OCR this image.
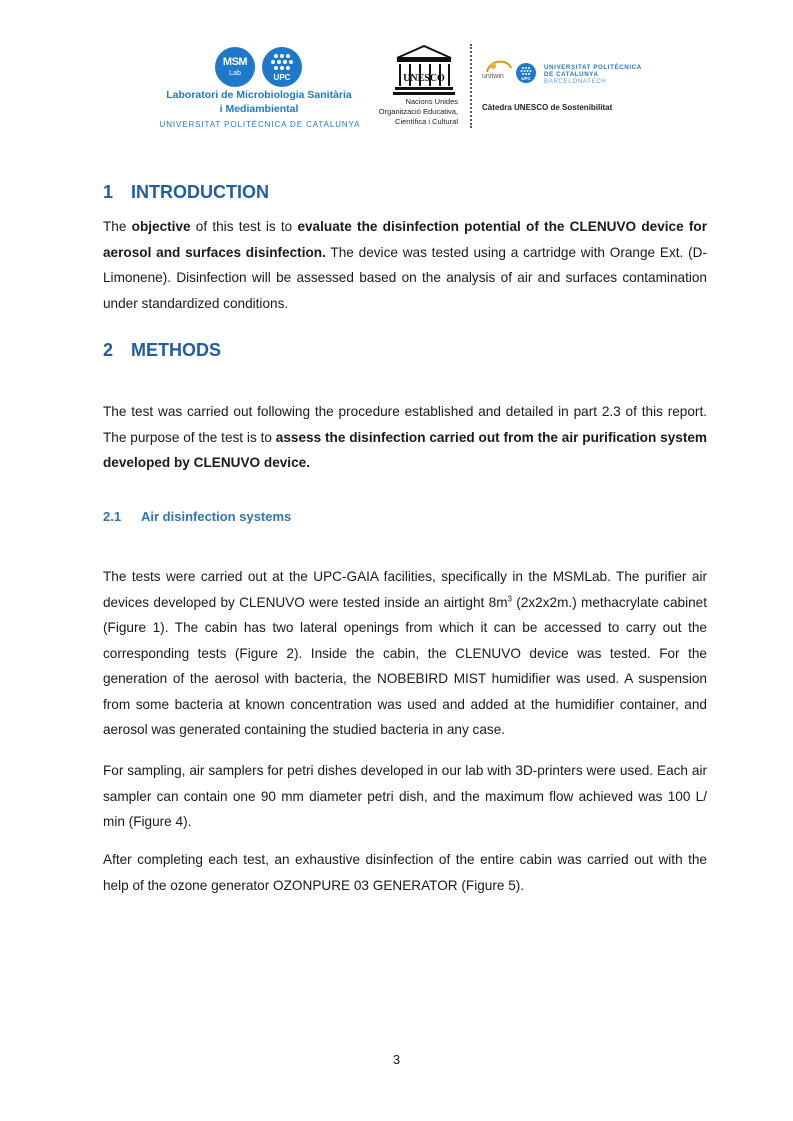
MSM
Lab	UPC
Laboratori de Microbiologia Sanitària
i Mediambiental
UNIVERSITAT POLITÈCNICA DE CATALUNYA
UNESCO
Nacions Unides
Organització Educativa,
Científica i Cultural
unitwin	UPC
UNIVERSITAT POLITÈCNICA
DE CATALUNYA
BARCELONATECH
Càtedra UNESCO de Sostenibilitat
1 INTRODUCTION

The objective of this test is to evaluate the disinfection potential of the CLENUVO device for aerosol and surfaces disinfection. The device was tested using a cartridge with Orange Ext. (D-Limonene). Disinfection will be assessed based on the analysis of air and surfaces contamination under standardized conditions.

2 METHODS

The test was carried out following the procedure established and detailed in part 2.3 of this report. The purpose of the test is to assess the disinfection carried out from the air purification system developed by CLENUVO device.

2.1 Air disinfection systems

The tests were carried out at the UPC-GAIA facilities, specifically in the MSMLab. The purifier air devices developed by CLENUVO were tested inside an airtight $8m^3$ (2x2x2m.) methacrylate cabinet (Figure 1). The cabin has two lateral openings from which it can be accessed to carry out the corresponding tests (Figure 2). Inside the cabin, the CLENUVO device was tested. For the generation of the aerosol with bacteria, the NOBEBIRD MIST humidifier was used. A suspension from some bacteria at known concentration was used and added at the humidifier container, and aerosol was generated containing the studied bacteria in any case.

For sampling, air samplers for petri dishes developed in our lab with 3D-printers were used. Each air sampler can contain one 90 mm diameter petri dish, and the maximum flow achieved was 100 L/ min (Figure 4).

After completing each test, an exhaustive disinfection of the entire cabin was carried out with the help of the ozone generator OZONPURE 03 GENERATOR (Figure 5).

3
